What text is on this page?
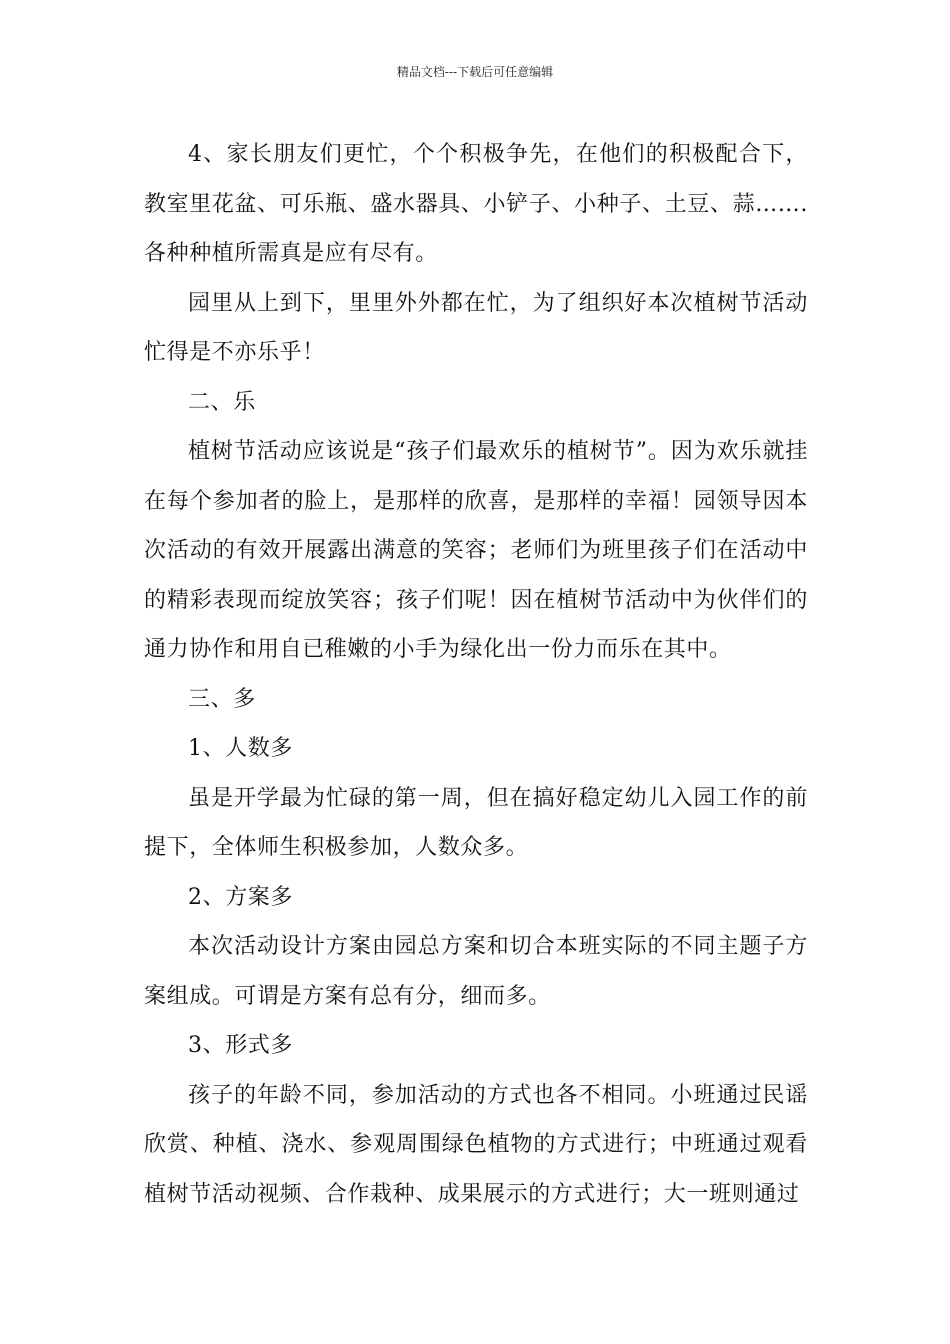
精品文档---下载后可任意编辑

4、家长朋友们更忙，个个积极争先，在他们的积极配合下，教室里花盆、可乐瓶、盛水器具、小铲子、小种子、土豆、蒜…….各种种植所需真是应有尽有。

园里从上到下，里里外外都在忙，为了组织好本次植树节活动忙得是不亦乐乎！

二、乐

植树节活动应该说是“孩子们最欢乐的植树节”。因为欢乐就挂在每个参加者的脸上，是那样的欣喜，是那样的幸福！园领导因本次活动的有效开展露出满意的笑容；老师们为班里孩子们在活动中的精彩表现而绽放笑容；孩子们呢！因在植树节活动中为伙伴们的通力协作和用自已稚嫩的小手为绿化出一份力而乐在其中。

三、多

1、人数多

虽是开学最为忙碌的第一周，但在搞好稳定幼儿入园工作的前提下，全体师生积极参加，人数众多。

2、方案多

本次活动设计方案由园总方案和切合本班实际的不同主题子方案组成。可谓是方案有总有分，细而多。

3、形式多

孩子的年龄不同，参加活动的方式也各不相同。小班通过民谣欣赏、种植、浇水、参观周围绿色植物的方式进行；中班通过观看植树节活动视频、合作栽种、成果展示的方式进行；大一班则通过
